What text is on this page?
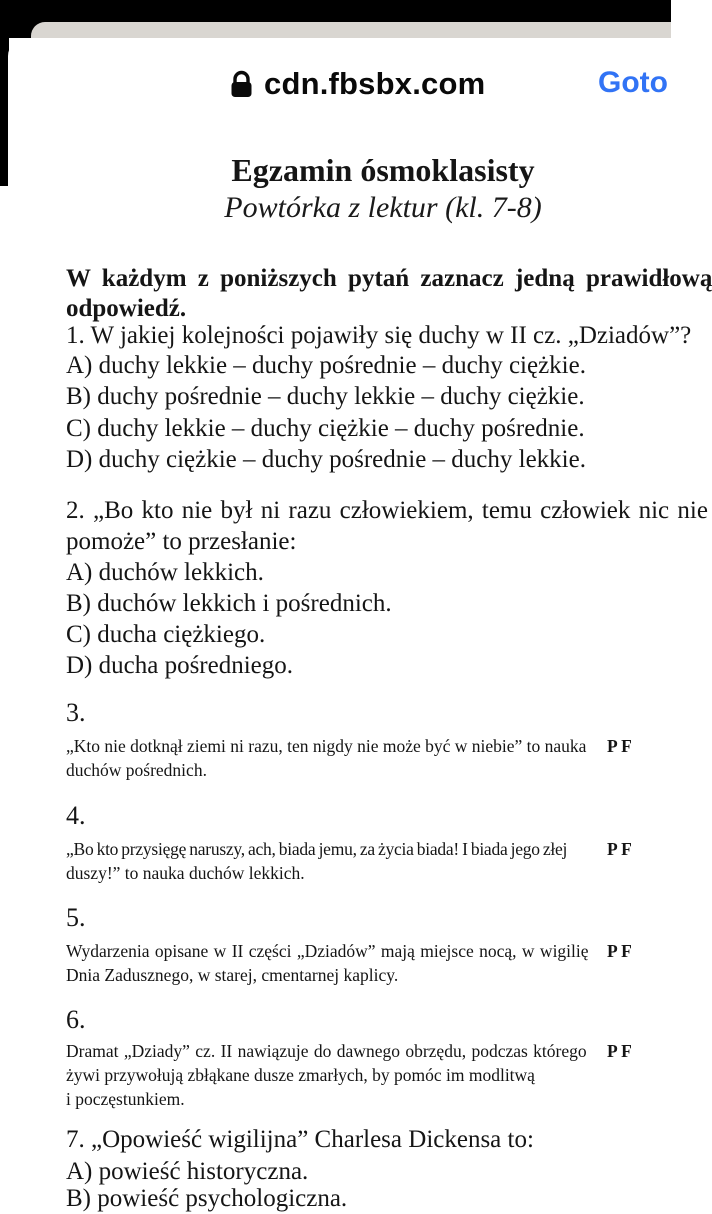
cdn.fbsbx.com	Goto
Egzamin ósmoklasisty
Powtórka z lektur (kl. 7-8)
W każdym z poniższych pytań zaznacz jedną prawidłową
odpowiedź.
1. W jakiej kolejności pojawiły się duchy w II cz. „Dziadów”?
A) duchy lekkie – duchy pośrednie – duchy ciężkie.
B) duchy pośrednie – duchy lekkie – duchy ciężkie.
C) duchy lekkie – duchy ciężkie – duchy pośrednie.
D) duchy ciężkie – duchy pośrednie – duchy lekkie.
2. „Bo kto nie był ni razu człowiekiem, temu człowiek nic nie
pomoże” to przesłanie:
A) duchów lekkich.
B) duchów lekkich i pośrednich.
C) ducha ciężkiego.
D) ducha pośredniego.
3.
„Kto nie dotknął ziemi ni razu, ten nigdy nie może być w niebie” to nauka P F
duchów pośrednich.
4.
„Bo kto przysięgę naruszy, ach, biada jemu, za życia biada! I biada jego złej P F
duszy!” to nauka duchów lekkich.
5.
Wydarzenia opisane w II części „Dziadów” mają miejsce nocą, w wigilię P F
Dnia Zadusznego, w starej, cmentarnej kaplicy.
6.
Dramat „Dziady” cz. II nawiązuje do dawnego obrzędu, podczas którego P F
żywi przywołują zbłąkane dusze zmarłych, by pomóc im modlitwą
i poczęstunkiem.
7. „Opowieść wigilijna” Charlesa Dickensa to:
A) powieść historyczna.
B) powieść psychologiczna.
